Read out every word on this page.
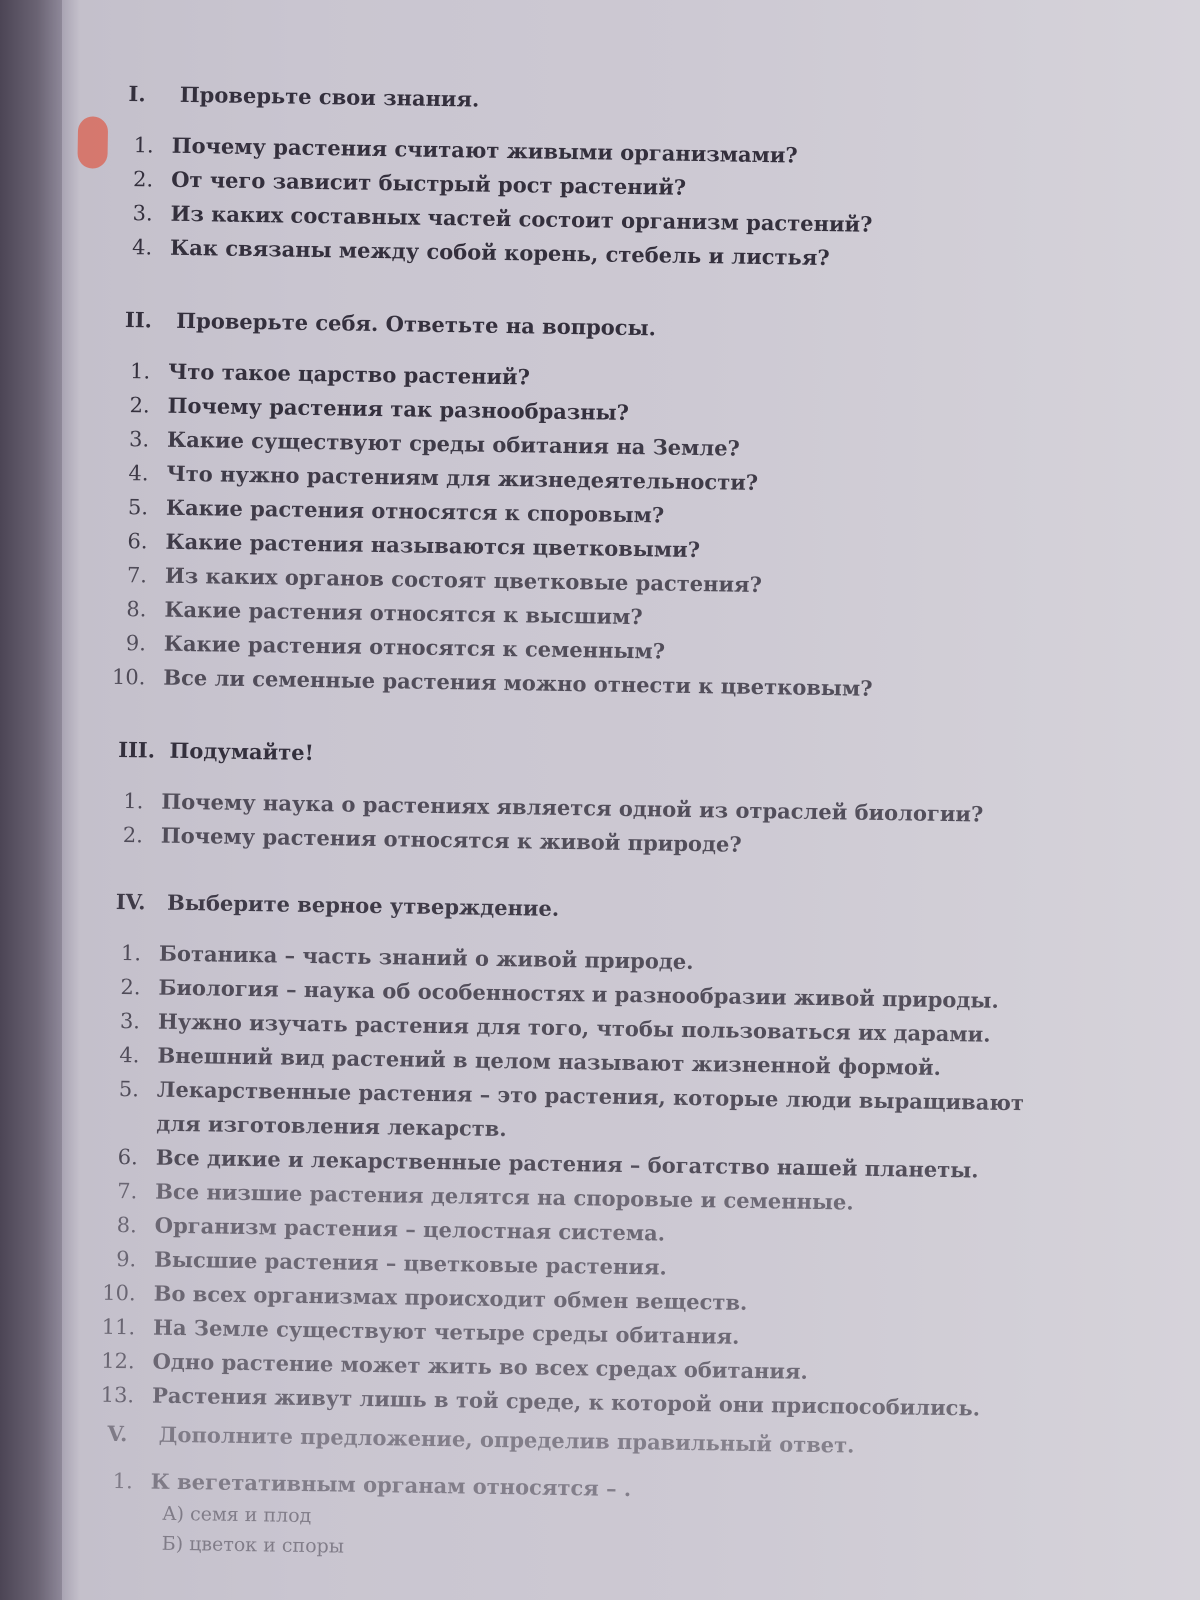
I. Проверьте свои знания.
1. Почему растения считают живыми организмами?
2. От чего зависит быстрый рост растений?
3. Из каких составных частей состоит организм растений?
4. Как связаны между собой корень, стебель и листья?
II. Проверьте себя. Ответьте на вопросы.
1. Что такое царство растений?
2. Почему растения так разнообразны?
3. Какие существуют среды обитания на Земле?
4. Что нужно растениям для жизнедеятельности?
5. Какие растения относятся к споровым?
6. Какие растения называются цветковыми?
7. Из каких органов состоят цветковые растения?
8. Какие растения относятся к высшим?
9. Какие растения относятся к семенным?
10. Все ли семенные растения можно отнести к цветковым?
III. Подумайте!
1. Почему наука о растениях является одной из отраслей биологии?
2. Почему растения относятся к живой природе?
IV. Выберите верное утверждение.
1. Ботаника – часть знаний о живой природе.
2. Биология – наука об особенностях и разнообразии живой природы.
3. Нужно изучать растения для того, чтобы пользоваться их дарами.
4. Внешний вид растений в целом называют жизненной формой.
5. Лекарственные растения – это растения, которые люди выращивают для изготовления лекарств.
6. Все дикие и лекарственные растения – богатство нашей планеты.
7. Все низшие растения делятся на споровые и семенные.
8. Организм растения – целостная система.
9. Высшие растения – цветковые растения.
10. Во всех организмах происходит обмен веществ.
11. На Земле существуют четыре среды обитания.
12. Одно растение может жить во всех средах обитания.
13. Растения живут лишь в той среде, к которой они приспособились.
V. Дополните предложение, определив правильный ответ.
1. К вегетативным органам относятся – .
А) семя и плод
Б) цветок и споры
